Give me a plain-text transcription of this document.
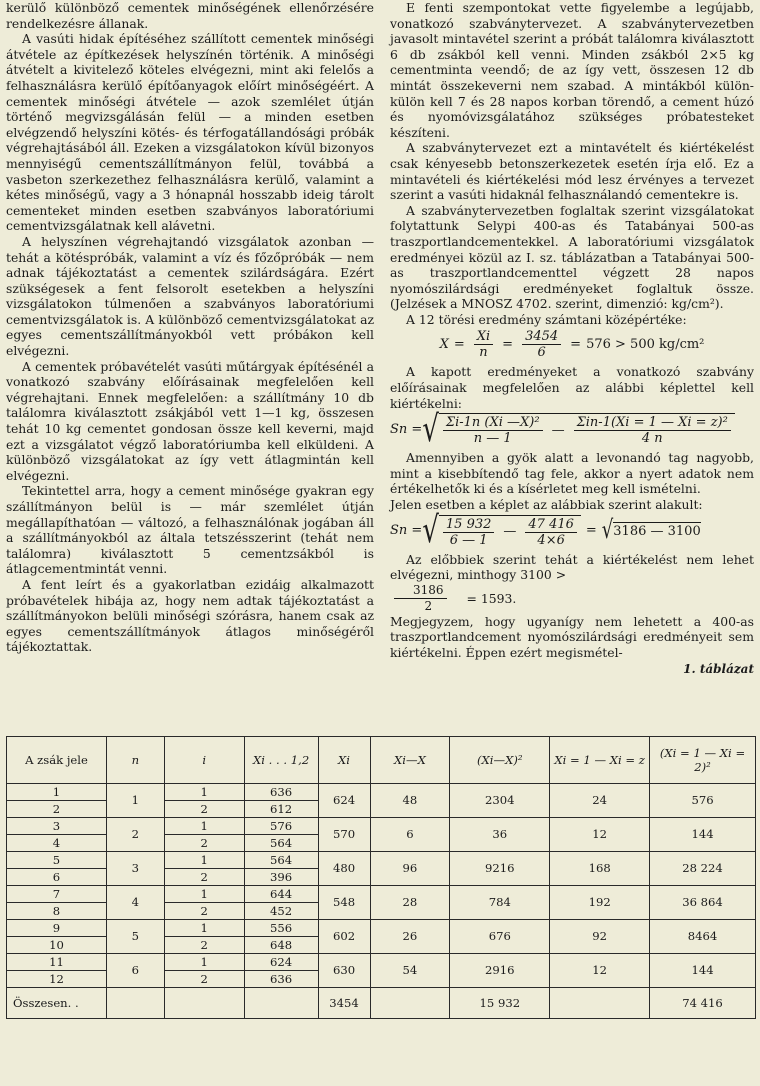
kerülő különböző cementek minőségének ellenőrzésére rendelkezésre állanak.

A vasúti hidak építéséhez szállított cementek minőségi átvétele az építkezések helyszínén történik. A minőségi átvételt a kivitelező köteles elvégezni, mint aki felelős a felhasználásra kerülő építőanyagok előírt minőségéért. A cementek minőségi átvétele — azok szemlélet útján történő megvizsgálásán felül — a minden esetben elvégzendő helyszíni kötés- és térfogatállandósági próbák végrehajtásából áll. Ezeken a vizsgálatokon kívül bizonyos mennyiségű cementszállítmányon felül, továbbá a vasbeton szerkezethez felhasználásra kerülő, valamint a kétes minőségű, vagy a 3 hónapnál hosszabb ideig tárolt cementeket minden esetben szabványos laboratóriumi cementvizsgálatnak kell alávetni.

A helyszínen végrehajtandó vizsgálatok azonban — tehát a kötéspróbák, valamint a víz és főzőpróbák — nem adnak tájékoztatást a cementek szilárdságára. Ezért szükségesek a fent felsorolt esetekben a helyszíni vizsgálatokon túlmenően a szabványos laboratóriumi cementvizsgálatok is. A különböző cementvizsgálatokat az egyes cementszállítmányokból vett próbákon kell elvégezni.

A cementek próbavételét vasúti műtárgyak építésénél a vonatkozó szabvány előírásainak megfelelően kell végrehajtani. Ennek megfelelően: a szállítmány 10 db találomra kiválasztott zsákjából vett 1—1 kg, összesen tehát 10 kg cementet gondosan össze kell keverni, majd ezt a vizsgálatot végző laboratóriumba kell elküldeni. A különböző vizsgálatokat az így vett átlagmintán kell elvégezni.

Tekintettel arra, hogy a cement minősége gyakran egy szállítmányon belül is — már szemlélet útján megállapíthatóan — változó, a felhasználónak jogában áll a szállítmányokból az általa tetszésszerint (tehát nem találomra) kiválasztott 5 cementzsákból is átlagcementmintát venni.

A fent leírt és a gyakorlatban ezidáig alkalmazott próbavételek hibája az, hogy nem adtak tájékoztatást a szállítmányokon belüli minőségi szórásra, hanem csak az egyes cementszállítmányok átlagos minőségéről tájékoztattak.

E fenti szempontokat vette figyelembe a legújabb, vonatkozó szabványtervezet. A szabványtervezetben javasolt mintavétel szerint a próbát találomra kiválasztott 6 db zsákból kell venni. Minden zsákból 2×5 kg cementminta veendő; de az így vett, összesen 12 db mintát összekeverni nem szabad. A mintákból külön-külön kell 7 és 28 napos korban törendő, a cement húzó és nyomóvizsgálatához szükséges próbatesteket készíteni.

A szabványtervezet ezt a mintavételt és kiértékelést csak kényesebb betonszerkezetek esetén írja elő. Ez a mintavételi és kiértékelési mód lesz érvényes a tervezet szerint a vasúti hidaknál felhasználandó cementekre is.

A szabványtervezetben foglaltak szerint vizsgálatokat folytattunk Selypi 400-as és Tatabányai 500-as traszportlandcementekkel. A laboratóriumi vizsgálatok eredményei közül az I. sz. táblázatban a Tatabányai 500-as traszportlandcementtel végzett 28 napos nyomószilárdsági eredményeket foglaltuk össze. (Jelzések a MNOSZ 4702. szerint, dimenzió: kg/cm²).

A 12 törési eredmény számtani középértéke:

$X = \frac{Xi}{n} = \frac{3454}{6} = 576 > 500$ kg/cm²

A kapott eredményeket a vonatkozó szabvány előírásainak megfelelően az alábbi képlettel kell kiértékelni:

Sn = √ $\frac{\text{Σi-1n (Xi —X)²}}{n — 1}$ — $\frac{\text{Σin-1(Xi = 1 — Xi = z)²}}{4 n}$

Amennyiben a gyök alatt a levonandó tag nagyobb, mint a kisebbítendő tag fele, akkor a nyert adatok nem értékelhetők ki és a kísérletet meg kell ismételni.

Jelen esetben a képlet az alábbiak szerint alakult:

Sn = √ $\frac{15 932}{6 — 1}$ — $\frac{47 416}{4\times 6}$ = √ 3186 — 3100

Az előbbiek szerint tehát a kiértékelést nem lehet elvégezni, minthogy 3100 >
$\frac{3186}{2}$	= 1593.

Megjegyzem, hogy ugyanígy nem lehetett a 400-as traszportlandcement nyomószilárdsági eredményeit sem kiértékelni. Éppen ezért megismétel-

1. táblázat
A zsák jele	n	i	Xi . . . 1,2	Xi	Xi—X	(Xi—X)²	Xi = 1 — Xi = z	(Xi = 1 — Xi = 2)²
1	1	1	636	624	48	2304	24	576
2		2	612					
3	2	1	576	570	6	36	12	144
4		2	564					
5	3	1	564	480	96	9216	168	28 224
6		2	396					
7	4	1	644	548	28	784	192	36 864
8		2	452					
9	5	1	556	602	26	676	92	8464
10		2	648					
11	6	1	624	630	54	2916	12	144
12		2	636					
Összesen. .				3454		15 932		74 416
